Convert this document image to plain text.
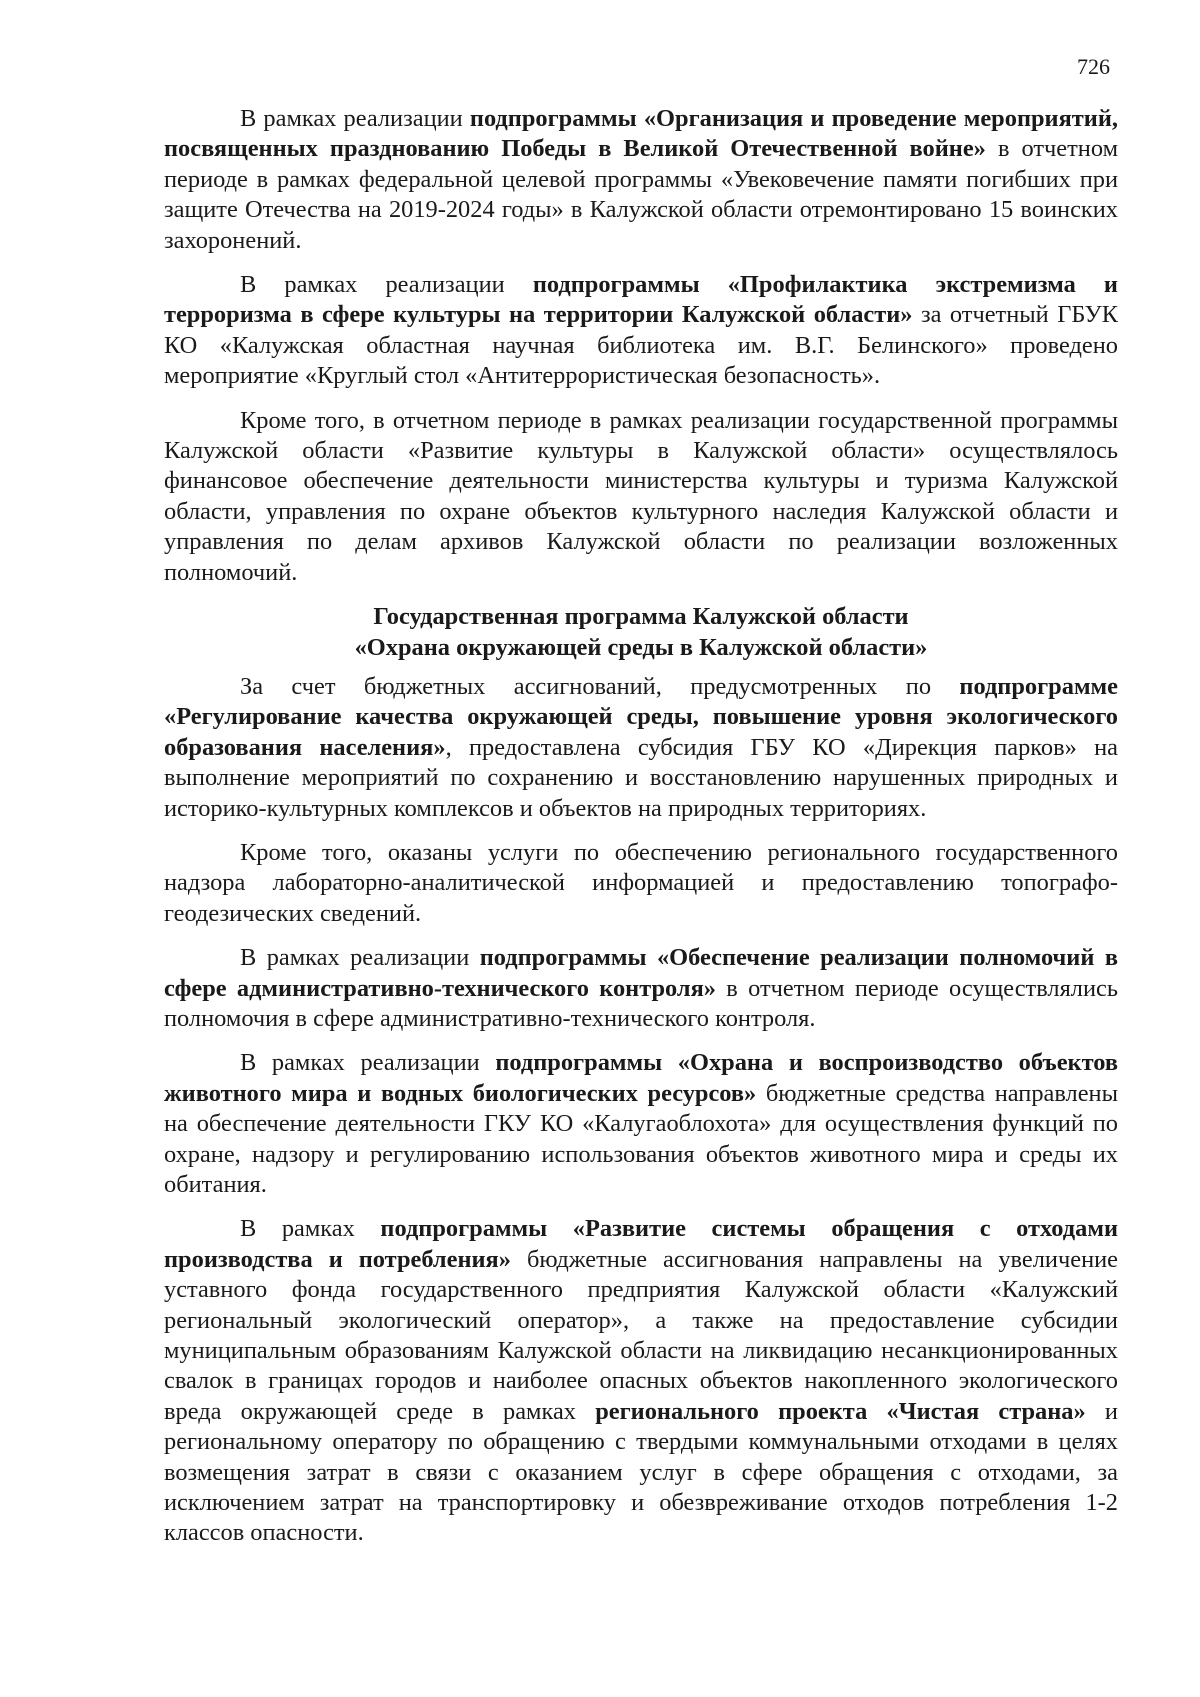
726

В рамках реализации подпрограммы «Организация и проведение мероприятий, посвященных празднованию Победы в Великой Отечественной войне» в отчетном периоде в рамках федеральной целевой программы «Увековечение памяти погибших при защите Отечества на 2019-2024 годы» в Калужской области отремонтировано 15 воинских захоронений.

В рамках реализации подпрограммы «Профилактика экстремизма и терроризма в сфере культуры на территории Калужской области» за отчетный ГБУК КО «Калужская областная научная библиотека им. В.Г. Белинского» проведено мероприятие «Круглый стол «Антитеррористическая безопасность».

Кроме того, в отчетном периоде в рамках реализации государственной программы Калужской области «Развитие культуры в Калужской области» осуществлялось финансовое обеспечение деятельности министерства культуры и туризма Калужской области, управления по охране объектов культурного наследия Калужской области и управления по делам архивов Калужской области по реализации возложенных полномочий.

Государственная программа Калужской области
«Охрана окружающей среды в Калужской области»

За счет бюджетных ассигнований, предусмотренных по подпрограмме «Регулирование качества окружающей среды, повышение уровня экологического образования населения», предоставлена субсидия ГБУ КО «Дирекция парков» на выполнение мероприятий по сохранению и восстановлению нарушенных природных и историко-культурных комплексов и объектов на природных территориях.

Кроме того, оказаны услуги по обеспечению регионального государственного надзора лабораторно-аналитической информацией и предоставлению топографо-геодезических сведений.

В рамках реализации подпрограммы «Обеспечение реализации полномочий в сфере административно-технического контроля» в отчетном периоде осуществлялись полномочия в сфере административно-технического контроля.

В рамках реализации подпрограммы «Охрана и воспроизводство объектов животного мира и водных биологических ресурсов» бюджетные средства направлены на обеспечение деятельности ГКУ КО «Калугаоблохота» для осуществления функций по охране, надзору и регулированию использования объектов животного мира и среды их обитания.

В рамках подпрограммы «Развитие системы обращения с отходами производства и потребления» бюджетные ассигнования направлены на увеличение уставного фонда государственного предприятия Калужской области «Калужский региональный экологический оператор», а также на предоставление субсидии муниципальным образованиям Калужской области на ликвидацию несанкционированных свалок в границах городов и наиболее опасных объектов накопленного экологического вреда окружающей среде в рамках регионального проекта «Чистая страна» и региональному оператору по обращению с твердыми коммунальными отходами в целях возмещения затрат в связи с оказанием услуг в сфере обращения с отходами, за исключением затрат на транспортировку и обезвреживание отходов потребления 1-2 классов опасности.
